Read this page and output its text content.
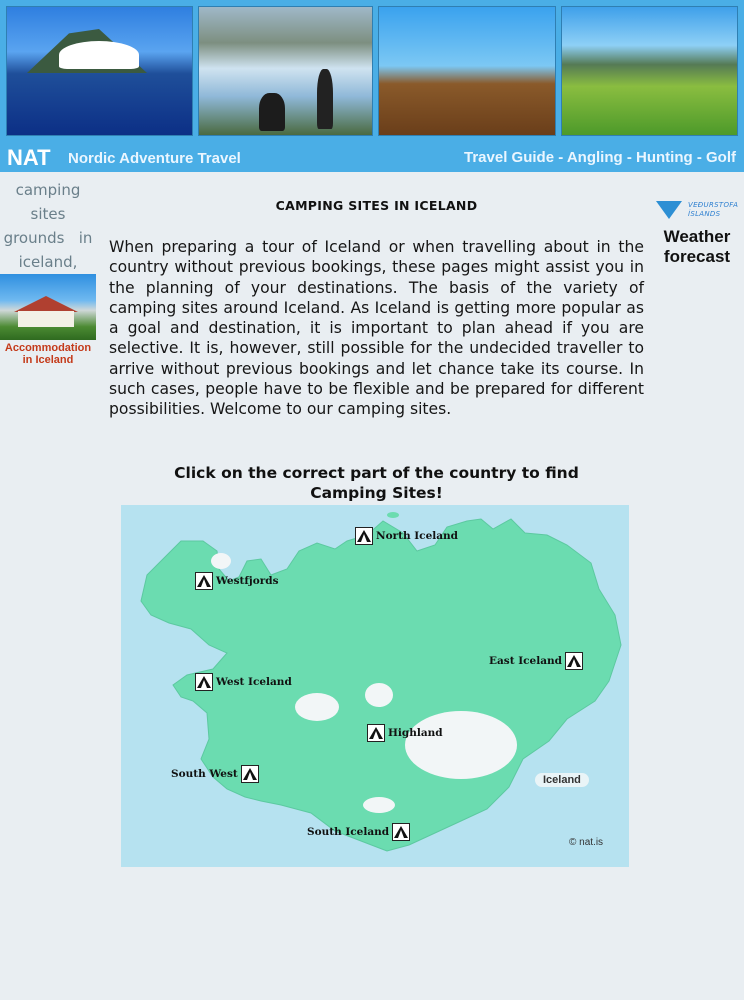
NAT Nordic Adventure Travel	Travel Guide - Angling - Hunting - Golf
camping
sites
grounds   in
iceland,
Accommodation in Iceland
VEÐURSTOFA
ÍSLANDS
Weather forecast
CAMPING SITES IN ICELAND
When preparing a tour of Iceland or when travelling about in the country without previous bookings, these pages might assist you in the planning of your destinations. The basis of the variety of camping sites around Iceland. As Iceland is getting more popular as a goal and destination, it is important to plan ahead if you are selective. It is, however, still possible for the undecided traveller to arrive without previous bookings and let chance take its course. In such cases, people have to be flexible and be prepared for different possibilities. Welcome to our camping sites.
Click on the correct part of the country to find Camping Sites!
North Iceland
Westfjords
West Iceland
East Iceland
Highland
South West
South Iceland
Iceland
© nat.is
